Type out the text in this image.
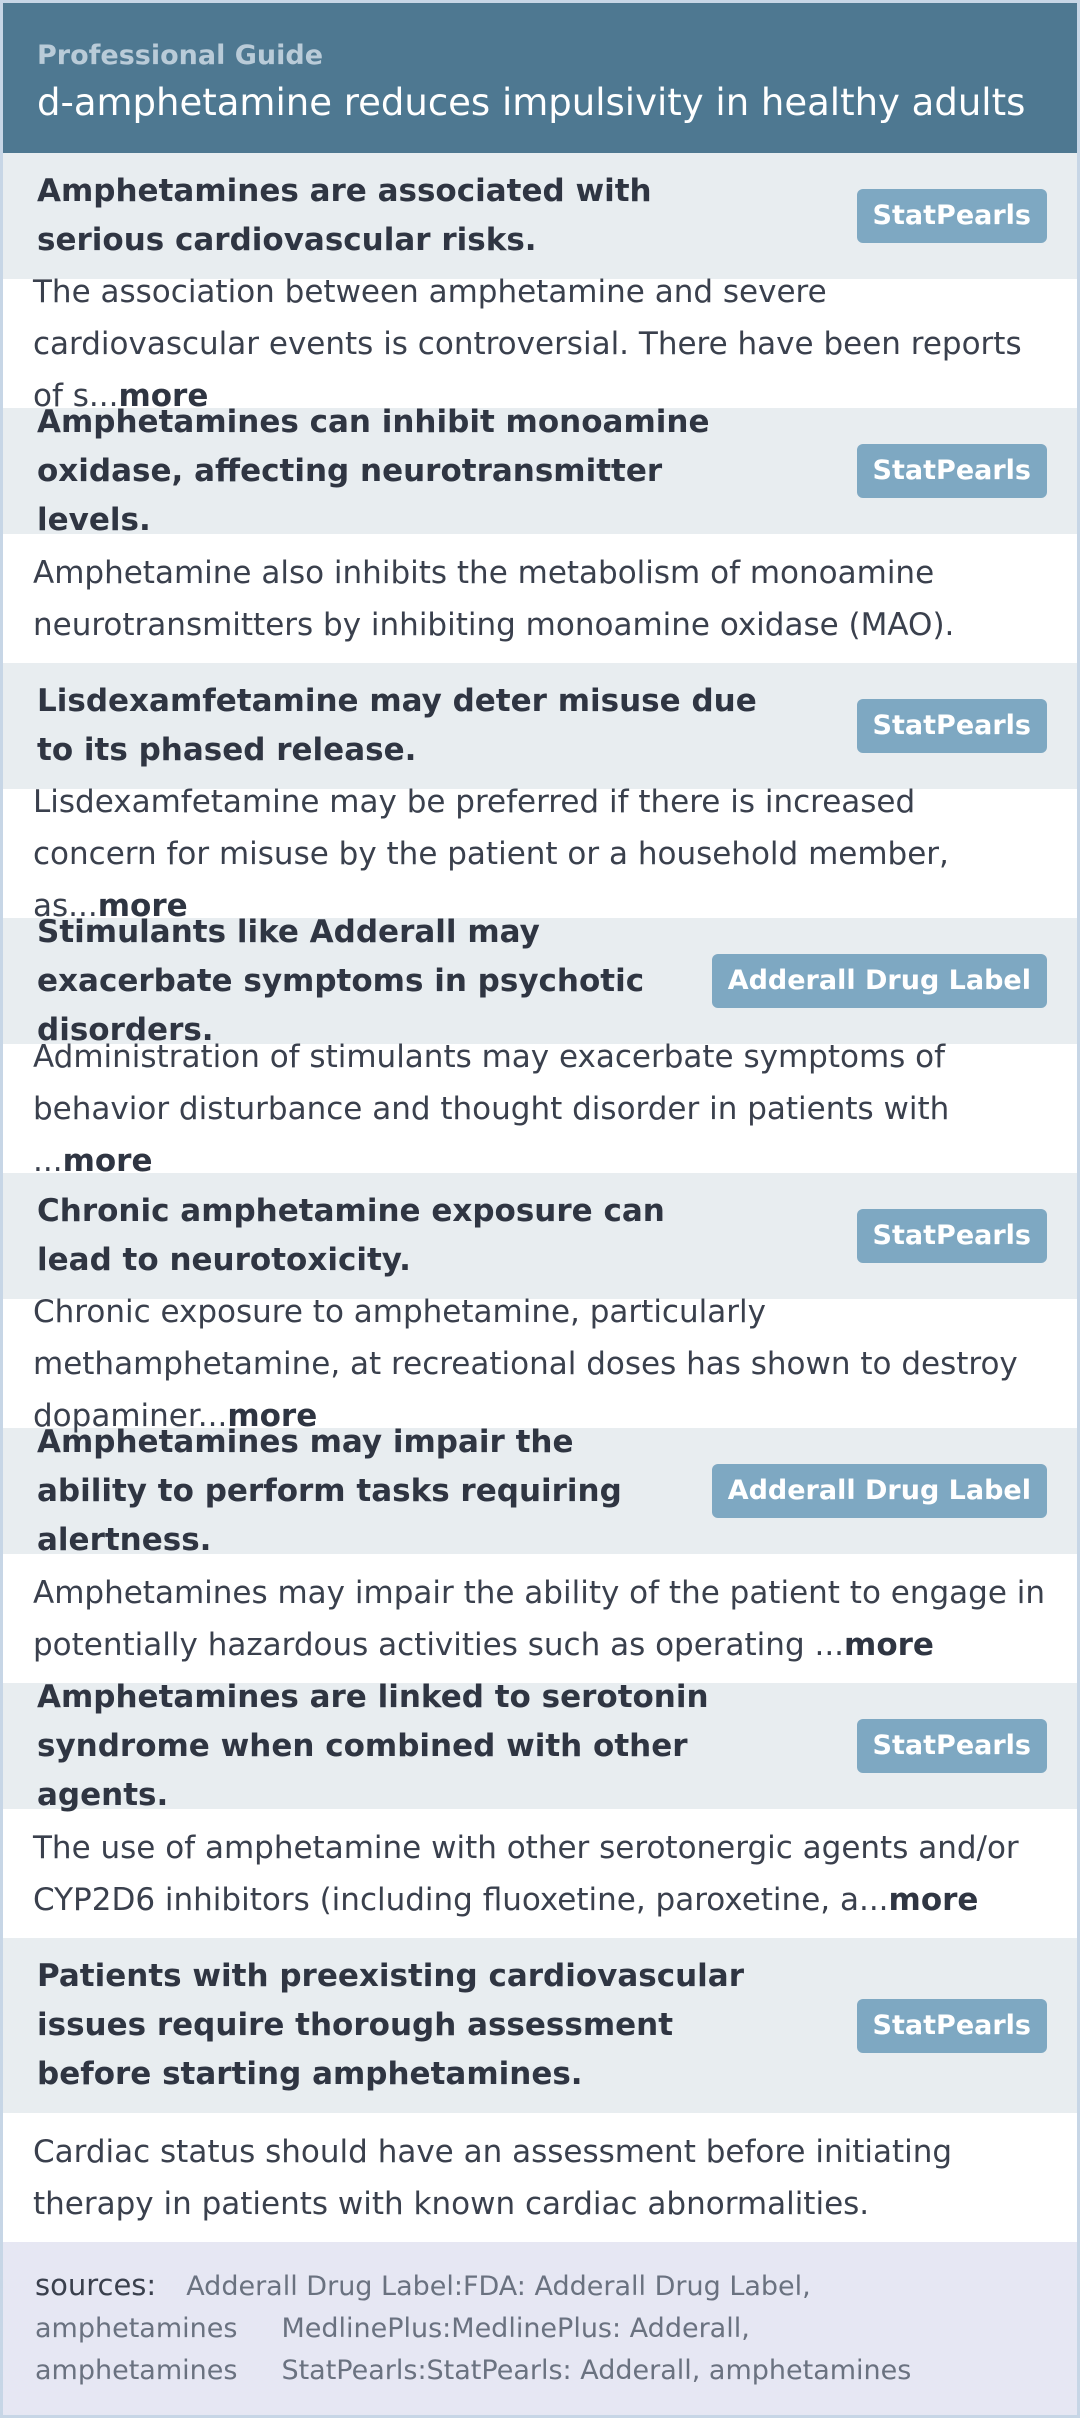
Professional Guide
d-amphetamine reduces impulsivity in healthy adults
Amphetamines are associated with serious cardiovascular risks.
StatPearls
The association between amphetamine and severe cardiovascular events is controversial. There have been reports of s...more
Amphetamines can inhibit monoamine oxidase, affecting neurotransmitter levels.
StatPearls
Amphetamine also inhibits the metabolism of monoamine neurotransmitters by inhibiting monoamine oxidase (MAO).
Lisdexamfetamine may deter misuse due to its phased release.
StatPearls
Lisdexamfetamine may be preferred if there is increased concern for misuse by the patient or a household member, as...more
Stimulants like Adderall may exacerbate symptoms in psychotic disorders.
Adderall Drug Label
Administration of stimulants may exacerbate symptoms of behavior disturbance and thought disorder in patients with ...more
Chronic amphetamine exposure can lead to neurotoxicity.
StatPearls
Chronic exposure to amphetamine, particularly methamphetamine, at recreational doses has shown to destroy dopaminer...more
Amphetamines may impair the ability to perform tasks requiring alertness.
Adderall Drug Label
Amphetamines may impair the ability of the patient to engage in potentially hazardous activities such as operating ...more
Amphetamines are linked to serotonin syndrome when combined with other agents.
StatPearls
The use of amphetamine with other serotonergic agents and/or CYP2D6 inhibitors (including fluoxetine, paroxetine, a...more
Patients with preexisting cardiovascular issues require thorough assessment before starting amphetamines.
StatPearls
Cardiac status should have an assessment before initiating therapy in patients with known cardiac abnormalities.
sources: Adderall Drug Label:FDA: Adderall Drug Label, amphetamines MedlinePlus:MedlinePlus: Adderall, amphetamines StatPearls:StatPearls: Adderall, amphetamines
